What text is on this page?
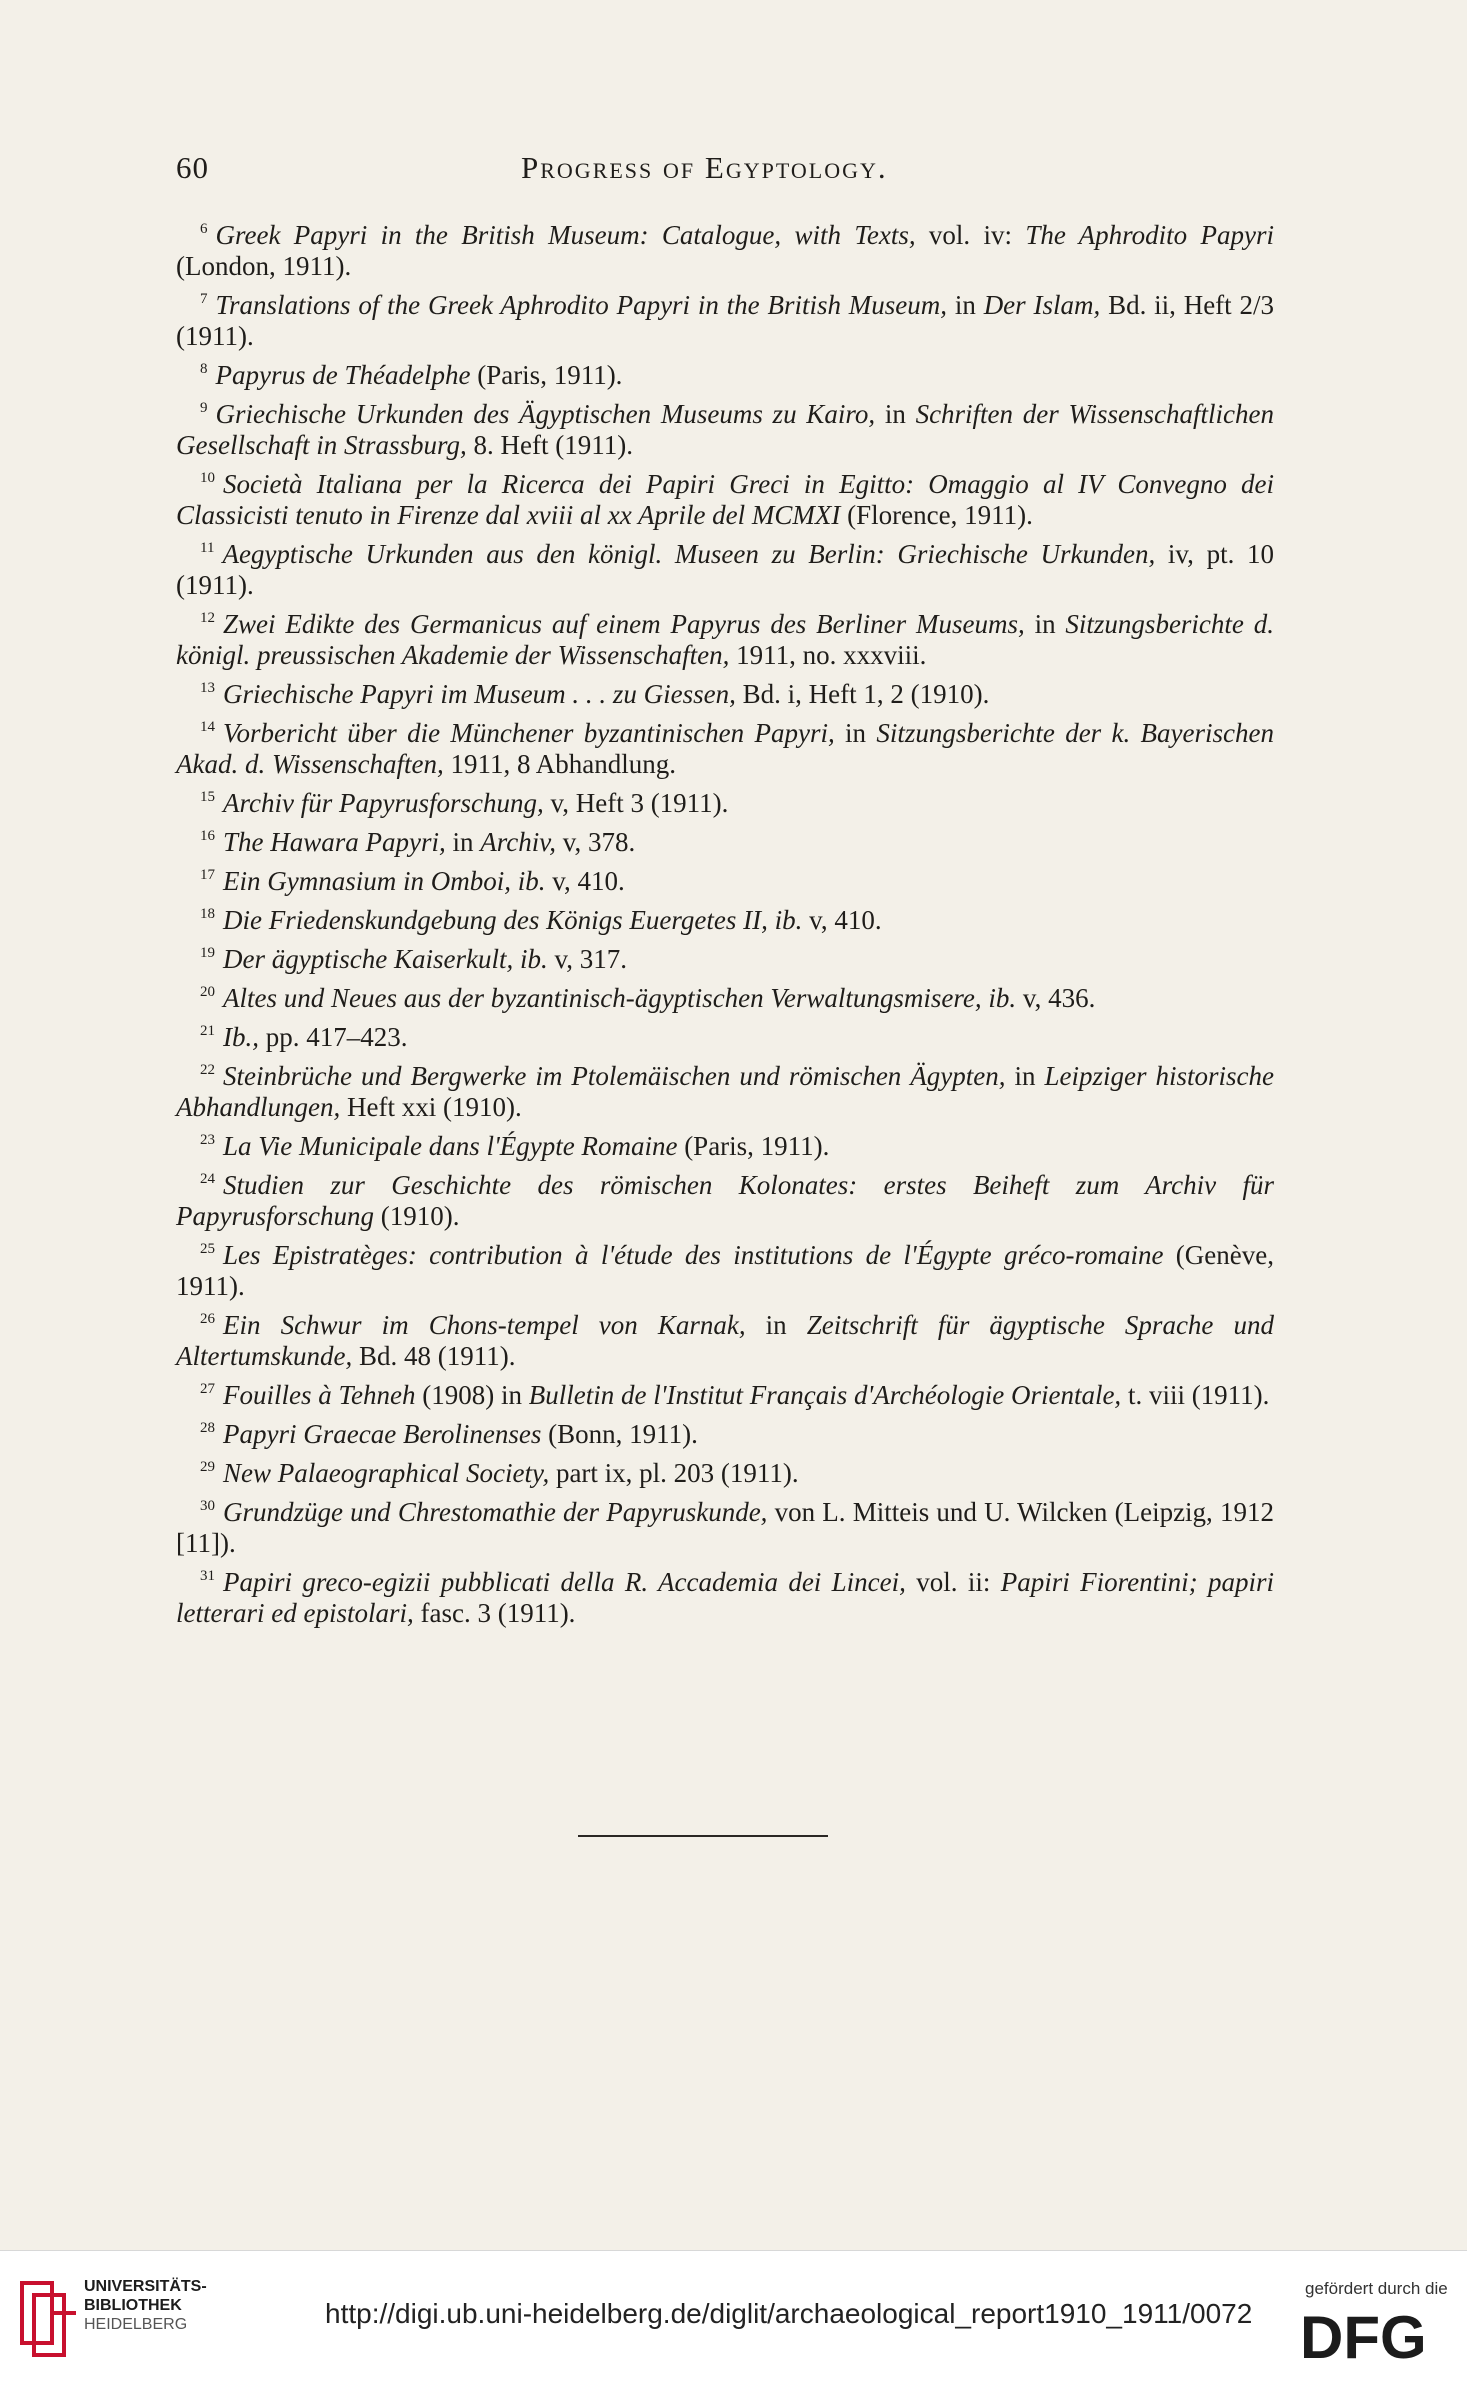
60	Progress of Egyptology.

$^6$ Greek Papyri in the British Museum: Catalogue, with Texts, vol. iv: The Aphrodito Papyri (London, 1911).

$^7$ Translations of the Greek Aphrodito Papyri in the British Museum, in Der Islam, Bd. ii, Heft 2/3 (1911).

$^8$ Papyrus de Théadelphe (Paris, 1911).

$^9$ Griechische Urkunden des Ägyptischen Museums zu Kairo, in Schriften der Wissenschaftlichen Gesellschaft in Strassburg, 8. Heft (1911).

$^{10}$ Società Italiana per la Ricerca dei Papiri Greci in Egitto: Omaggio al IV Convegno dei Classicisti tenuto in Firenze dal xviii al xx Aprile del MCMXI (Florence, 1911).

$^{11}$ Aegyptische Urkunden aus den königl. Museen zu Berlin: Griechische Urkunden, iv, pt. 10 (1911).

$^{12}$ Zwei Edikte des Germanicus auf einem Papyrus des Berliner Museums, in Sitzungsberichte d. königl. preussischen Akademie der Wissenschaften, 1911, no. xxxviii.

$^{13}$ Griechische Papyri im Museum . . . zu Giessen, Bd. i, Heft 1, 2 (1910).

$^{14}$ Vorbericht über die Münchener byzantinischen Papyri, in Sitzungsberichte der k. Bayerischen Akad. d. Wissenschaften, 1911, 8 Abhandlung.

$^{15}$ Archiv für Papyrusforschung, v, Heft 3 (1911).

$^{16}$ The Hawara Papyri, in Archiv, v, 378.

$^{17}$ Ein Gymnasium in Omboi, ib. v, 410.

$^{18}$ Die Friedenskundgebung des Königs Euergetes II, ib. v, 410.

$^{19}$ Der ägyptische Kaiserkult, ib. v, 317.

$^{20}$ Altes und Neues aus der byzantinisch-ägyptischen Verwaltungsmisere, ib. v, 436.

$^{21}$ Ib., pp. 417–423.

$^{22}$ Steinbrüche und Bergwerke im Ptolemäischen und römischen Ägypten, in Leipziger historische Abhandlungen, Heft xxi (1910).

$^{23}$ La Vie Municipale dans l'Égypte Romaine (Paris, 1911).

$^{24}$ Studien zur Geschichte des römischen Kolonates: erstes Beiheft zum Archiv für Papyrusforschung (1910).

$^{25}$ Les Epistratèges: contribution à l'étude des institutions de l'Égypte gréco-romaine (Genève, 1911).

$^{26}$ Ein Schwur im Chons-tempel von Karnak, in Zeitschrift für ägyptische Sprache und Altertumskunde, Bd. 48 (1911).

$^{27}$ Fouilles à Tehneh (1908) in Bulletin de l'Institut Français d'Archéologie Orientale, t. viii (1911).

$^{28}$ Papyri Graecae Berolinenses (Bonn, 1911).

$^{29}$ New Palaeographical Society, part ix, pl. 203 (1911).

$^{30}$ Grundzüge und Chrestomathie der Papyruskunde, von L. Mitteis und U. Wilcken (Leipzig, 1912 [11]).

$^{31}$ Papiri greco-egizii pubblicati della R. Accademia dei Lincei, vol. ii: Papiri Fiorentini; papiri letterari ed epistolari, fasc. 3 (1911).

UNIVERSITÄTS-
BIBLIOTHEK
HEIDELBERG	http://digi.ub.uni-heidelberg.de/diglit/archaeological_report1910_1911/0072
gefördert durch die
DFG
